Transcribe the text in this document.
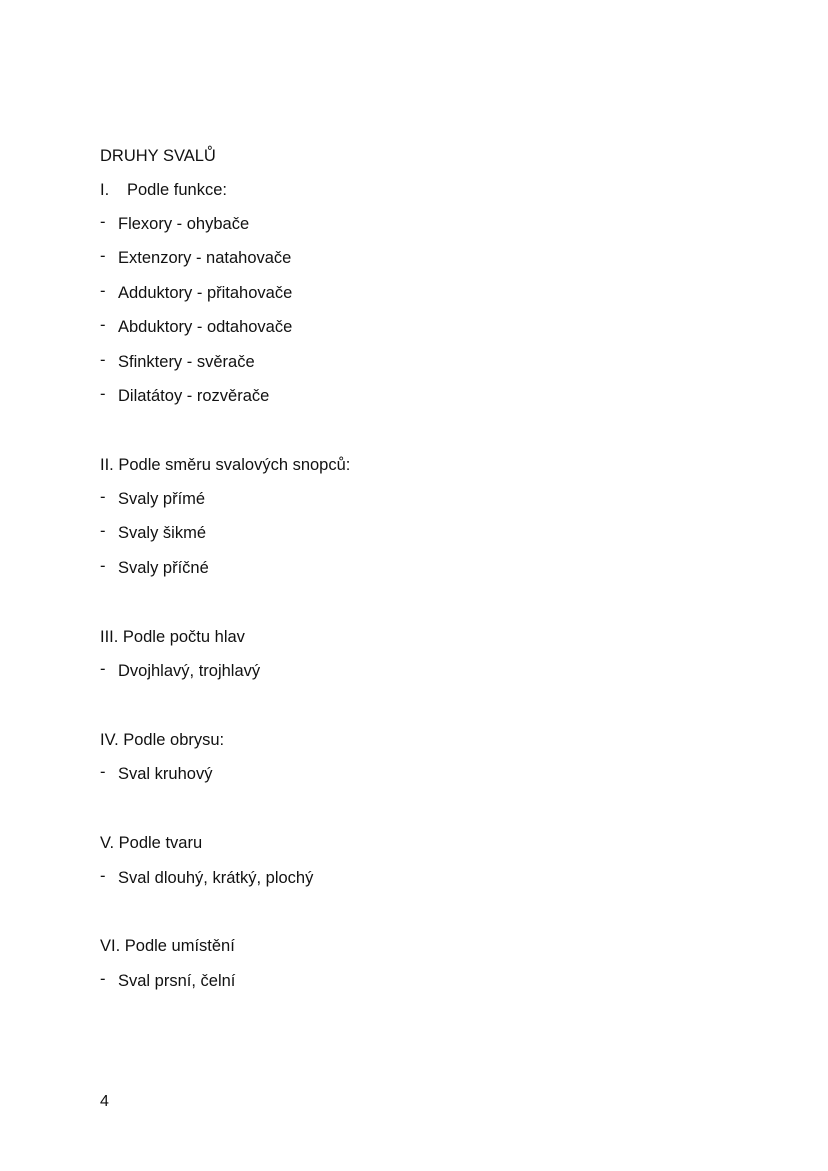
DRUHY SVALŮ
I. Podle funkce:
- Flexory - ohybače
- Extenzory - natahovače
- Adduktory - přitahovače
- Abduktory - odtahovače
- Sfinktery - svěrače
- Dilatátoy - rozvěrače
II. Podle směru svalových snopců:
- Svaly přímé
- Svaly šikmé
- Svaly příčné
III. Podle počtu hlav
- Dvojhlavý, trojhlavý
IV. Podle obrysu:
- Sval kruhový
V. Podle tvaru
- Sval dlouhý, krátký, plochý
VI. Podle umístění
- Sval prsní, čelní
4
